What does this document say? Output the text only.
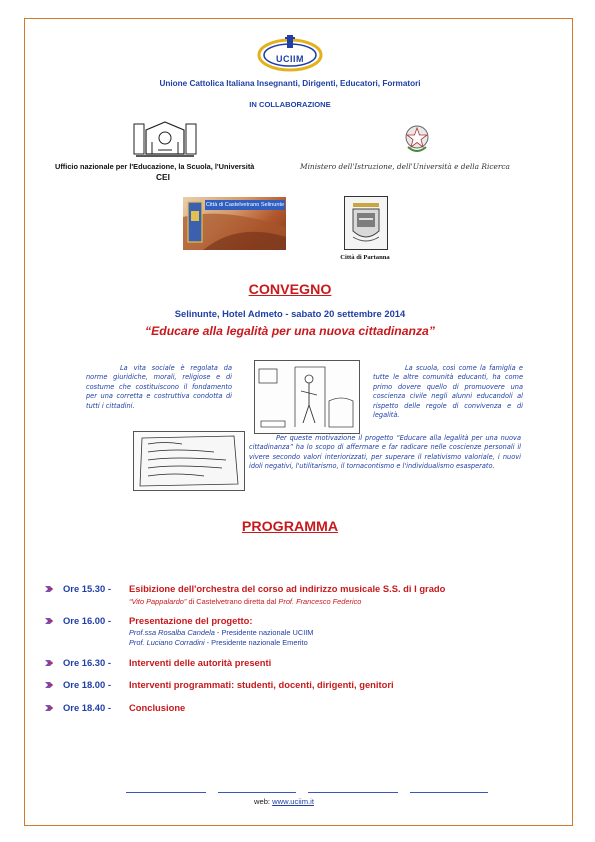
UCIIM
Unione Cattolica Italiana Insegnanti, Dirigenti, Educatori, Formatori
IN COLLABORAZIONE
Ufficio nazionale per l'Educazione, la Scuola, l'Università
CEI
Ministero dell'Istruzione, dell'Università e della Ricerca
Città di Castelvetrano Selinunte
Città di Partanna
CONVEGNO
Selinunte, Hotel Admeto - sabato 20 settembre 2014
“Educare alla legalità per una nuova cittadinanza”
La vita sociale è regolata da norme giuridiche, morali, religiose e di costume che costituiscono il fondamento per una corretta e costruttiva condotta di tutti i cittadini.
La scuola, così come la famiglia e tutte le altre comunità educanti, ha come primo dovere quello di promuovere una coscienza civile negli alunni educandoli al rispetto delle regole di convivenza e di legalità.
Per queste motivazione il progetto “Educare alla legalità per una nuova cittadinanza” ha lo scopo di affermare e far radicare nelle coscienze personali il vivere secondo valori interiorizzati, per superare il relativismo valoriale, i nuovi idoli negativi, l'utilitarismo, il tornacontismo e l'individualismo esasperato.
PROGRAMMA
Ore 15.30 - Esibizione dell'orchestra del corso ad indirizzo musicale S.S. di I grado
“Vito Pappalardo” di Castelvetrano diretta dal Prof. Francesco Federico
Ore 16.00 - Presentazione del progetto:
Prof.ssa Rosalba Candela - Presidente nazionale UCIIM
Prof. Luciano Corradini - Presidente nazionale Emerito
Ore 16.30 - Interventi delle autorità presenti
Ore 18.00 - Interventi programmati: studenti, docenti, dirigenti, genitori
Ore 18.40 - Conclusione
web: www.uciim.it
